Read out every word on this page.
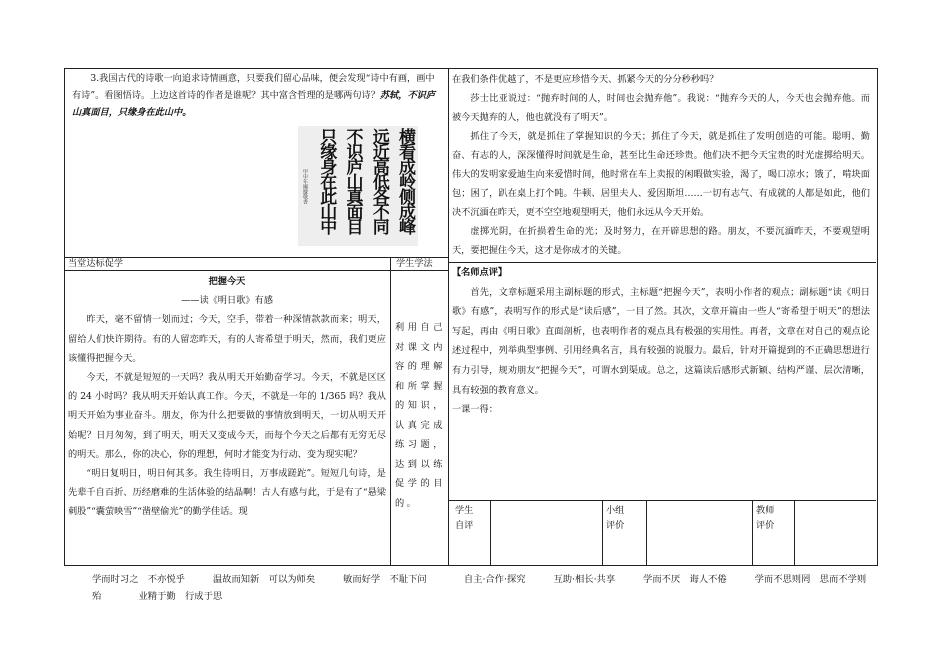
3.我国古代的诗歌一向追求诗情画意，只要我们留心品味，便会发现“诗中有画，画中
有诗”。看图悟诗。上边这首诗的作者是谁呢？其中富含哲理的是哪两句诗？苏轼，不识庐
山真面目，只缘身在此山中。
横看成岭侧成峰
远近高低各不同
不识庐山真面目
只缘身在此山中
甲申年國慶敬書
当堂达标促学	学生学法
把握今天
——读《明日歌》有感

昨天，毫不留情一划而过；今天，空手，带着一种深情款款而来；明天，留给人们快许期待。有的人留恋昨天，有的人寄希望于明天，然而，我们更应该懂得把握今天。

今天，不就是短短的一天吗？我从明天开始勤奋学习。今天，不就是区区的 24 小时吗？我从明天开始认真工作。今天，不就是一年的 1/365 吗？我从明天开始为事业奋斗。朋友，你为什么把要做的事情放到明天，一切从明天开始呢？日月匆匆，到了明天，明天又变成今天，而每个今天之后都有无穷无尽的明天。那么，你的决心，你的理想，何时才能变为行动、变为现实呢？

“明日复明日，明日何其多。我生待明日，万事成蹉跎”。短短几句诗，是先辈千自百折、历经磨难的生活体验的结晶啊！古人有感与此，于是有了“悬梁刺股”“囊萤映雪”“凿壁偷光”的勤学佳话。现

利用自己对课文内容的理解和所掌握的知识，认真完成练习题，达到以练促学的目的。

在我们条件优越了，不是更应珍惜今天、抓紧今天的分分秒秒吗？

莎士比亚说过：“抛弃时间的人，时间也会抛弃他”。我说：“抛弃今天的人，今天也会抛弃他。而被今天抛弃的人，他也就没有了明天”。

抓住了今天，就是抓住了掌握知识的今天；抓住了今天，就是抓住了发明创造的可能。聪明、勤奋、有志的人，深深懂得时间就是生命，甚至比生命还珍贵。他们决不把今天宝贵的时光虚掷给明天。伟大的发明家爱迪生向来爱惜时间，他时常在车上卖报的闲暇做实验，渴了，喝口凉水；饿了，啃块面包；困了，趴在桌上打个盹。牛顿、居里夫人、爱因斯坦……一切有志气、有成就的人都是如此，他们决不沉湎在昨天，更不空空地观望明天，他们永远从今天开始。

虚掷光阴，在折损着生命的光；及时努力，在开辟思想的路。朋友，不要沉湎昨天，不要观望明天，要把握住今天，这才是你成才的关键。

【名师点评】

首先，文章标题采用主副标题的形式，主标题“把握今天”，表明小作者的观点；副标题“读《明日歌》有感”，表明写作的形式是“读后感”，一目了然。其次，文章开篇由一些人“寄希望于明天”的想法写起，再由《明日歌》直面剖析，也表明作者的观点具有极强的实用性。再者，文章在对自己的观点论述过程中，列举典型事例、引用经典名言，具有较强的说服力。最后，针对开篇提到的不正确思想进行有力引导，规劝朋友“把握今天”，可谓水到渠成。总之，这篇读后感形式新颖、结构严谨、层次清晰，具有较强的教育意义。

一课一得：
学生
自评
小组
评价
教师
评价
学而时习之　不亦悦乎　　　温故而知新　可以为师矣　　　敏而好学　不耻下问　　　　自主·合作·探究　　　互助·相长·共享　　　学而不厌　诲人不倦　　　学而不思则罔　思而不学则
殆　　　　业精于勤　行成于思
